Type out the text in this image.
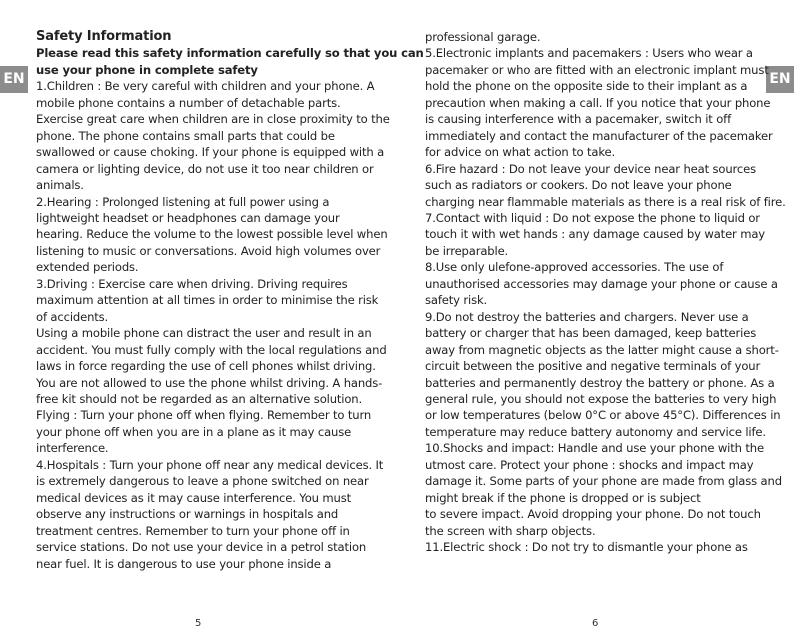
EN
Safety Information
Please read this safety information carefully so that you can
use your phone in complete safety
1.Children : Be very careful with children and your phone. A
mobile phone contains a number of detachable parts.
Exercise great care when children are in close proximity to the
phone. The phone contains small parts that could be
swallowed or cause choking. If your phone is equipped with a
camera or lighting device, do not use it too near children or
animals.
2.Hearing : Prolonged listening at full power using a
lightweight headset or headphones can damage your
hearing. Reduce the volume to the lowest possible level when
listening to music or conversations. Avoid high volumes over
extended periods.
3.Driving : Exercise care when driving. Driving requires
maximum attention at all times in order to minimise the risk
of accidents.
Using a mobile phone can distract the user and result in an
accident. You must fully comply with the local regulations and
laws in force regarding the use of cell phones whilst driving.
You are not allowed to use the phone whilst driving. A hands-
free kit should not be regarded as an alternative solution.
Flying : Turn your phone off when flying. Remember to turn
your phone off when you are in a plane as it may cause
interference.
4.Hospitals : Turn your phone off near any medical devices. It
is extremely dangerous to leave a phone switched on near
medical devices as it may cause interference. You must
observe any instructions or warnings in hospitals and
treatment centres. Remember to turn your phone off in
service stations. Do not use your device in a petrol station
near fuel. It is dangerous to use your phone inside a
5
EN
professional garage.
5.Electronic implants and pacemakers : Users who wear a
pacemaker or who are fitted with an electronic implant must
hold the phone on the opposite side to their implant as a
precaution when making a call. If you notice that your phone
is causing interference with a pacemaker, switch it off
immediately and contact the manufacturer of the pacemaker
for advice on what action to take.
6.Fire hazard : Do not leave your device near heat sources
such as radiators or cookers. Do not leave your phone
charging near flammable materials as there is a real risk of fire.
7.Contact with liquid : Do not expose the phone to liquid or
touch it with wet hands : any damage caused by water may
be irreparable.
8.Use only ulefone-approved accessories. The use of
unauthorised accessories may damage your phone or cause a
safety risk.
9.Do not destroy the batteries and chargers. Never use a
battery or charger that has been damaged, keep batteries
away from magnetic objects as the latter might cause a short-
circuit between the positive and negative terminals of your
batteries and permanently destroy the battery or phone. As a
general rule, you should not expose the batteries to very high
or low temperatures (below 0°C or above 45°C). Differences in
temperature may reduce battery autonomy and service life.
10.Shocks and impact: Handle and use your phone with the
utmost care. Protect your phone : shocks and impact may
damage it. Some parts of your phone are made from glass and
might break if the phone is dropped or is subject
to severe impact. Avoid dropping your phone. Do not touch
the screen with sharp objects.
11.Electric shock : Do not try to dismantle your phone as
6
